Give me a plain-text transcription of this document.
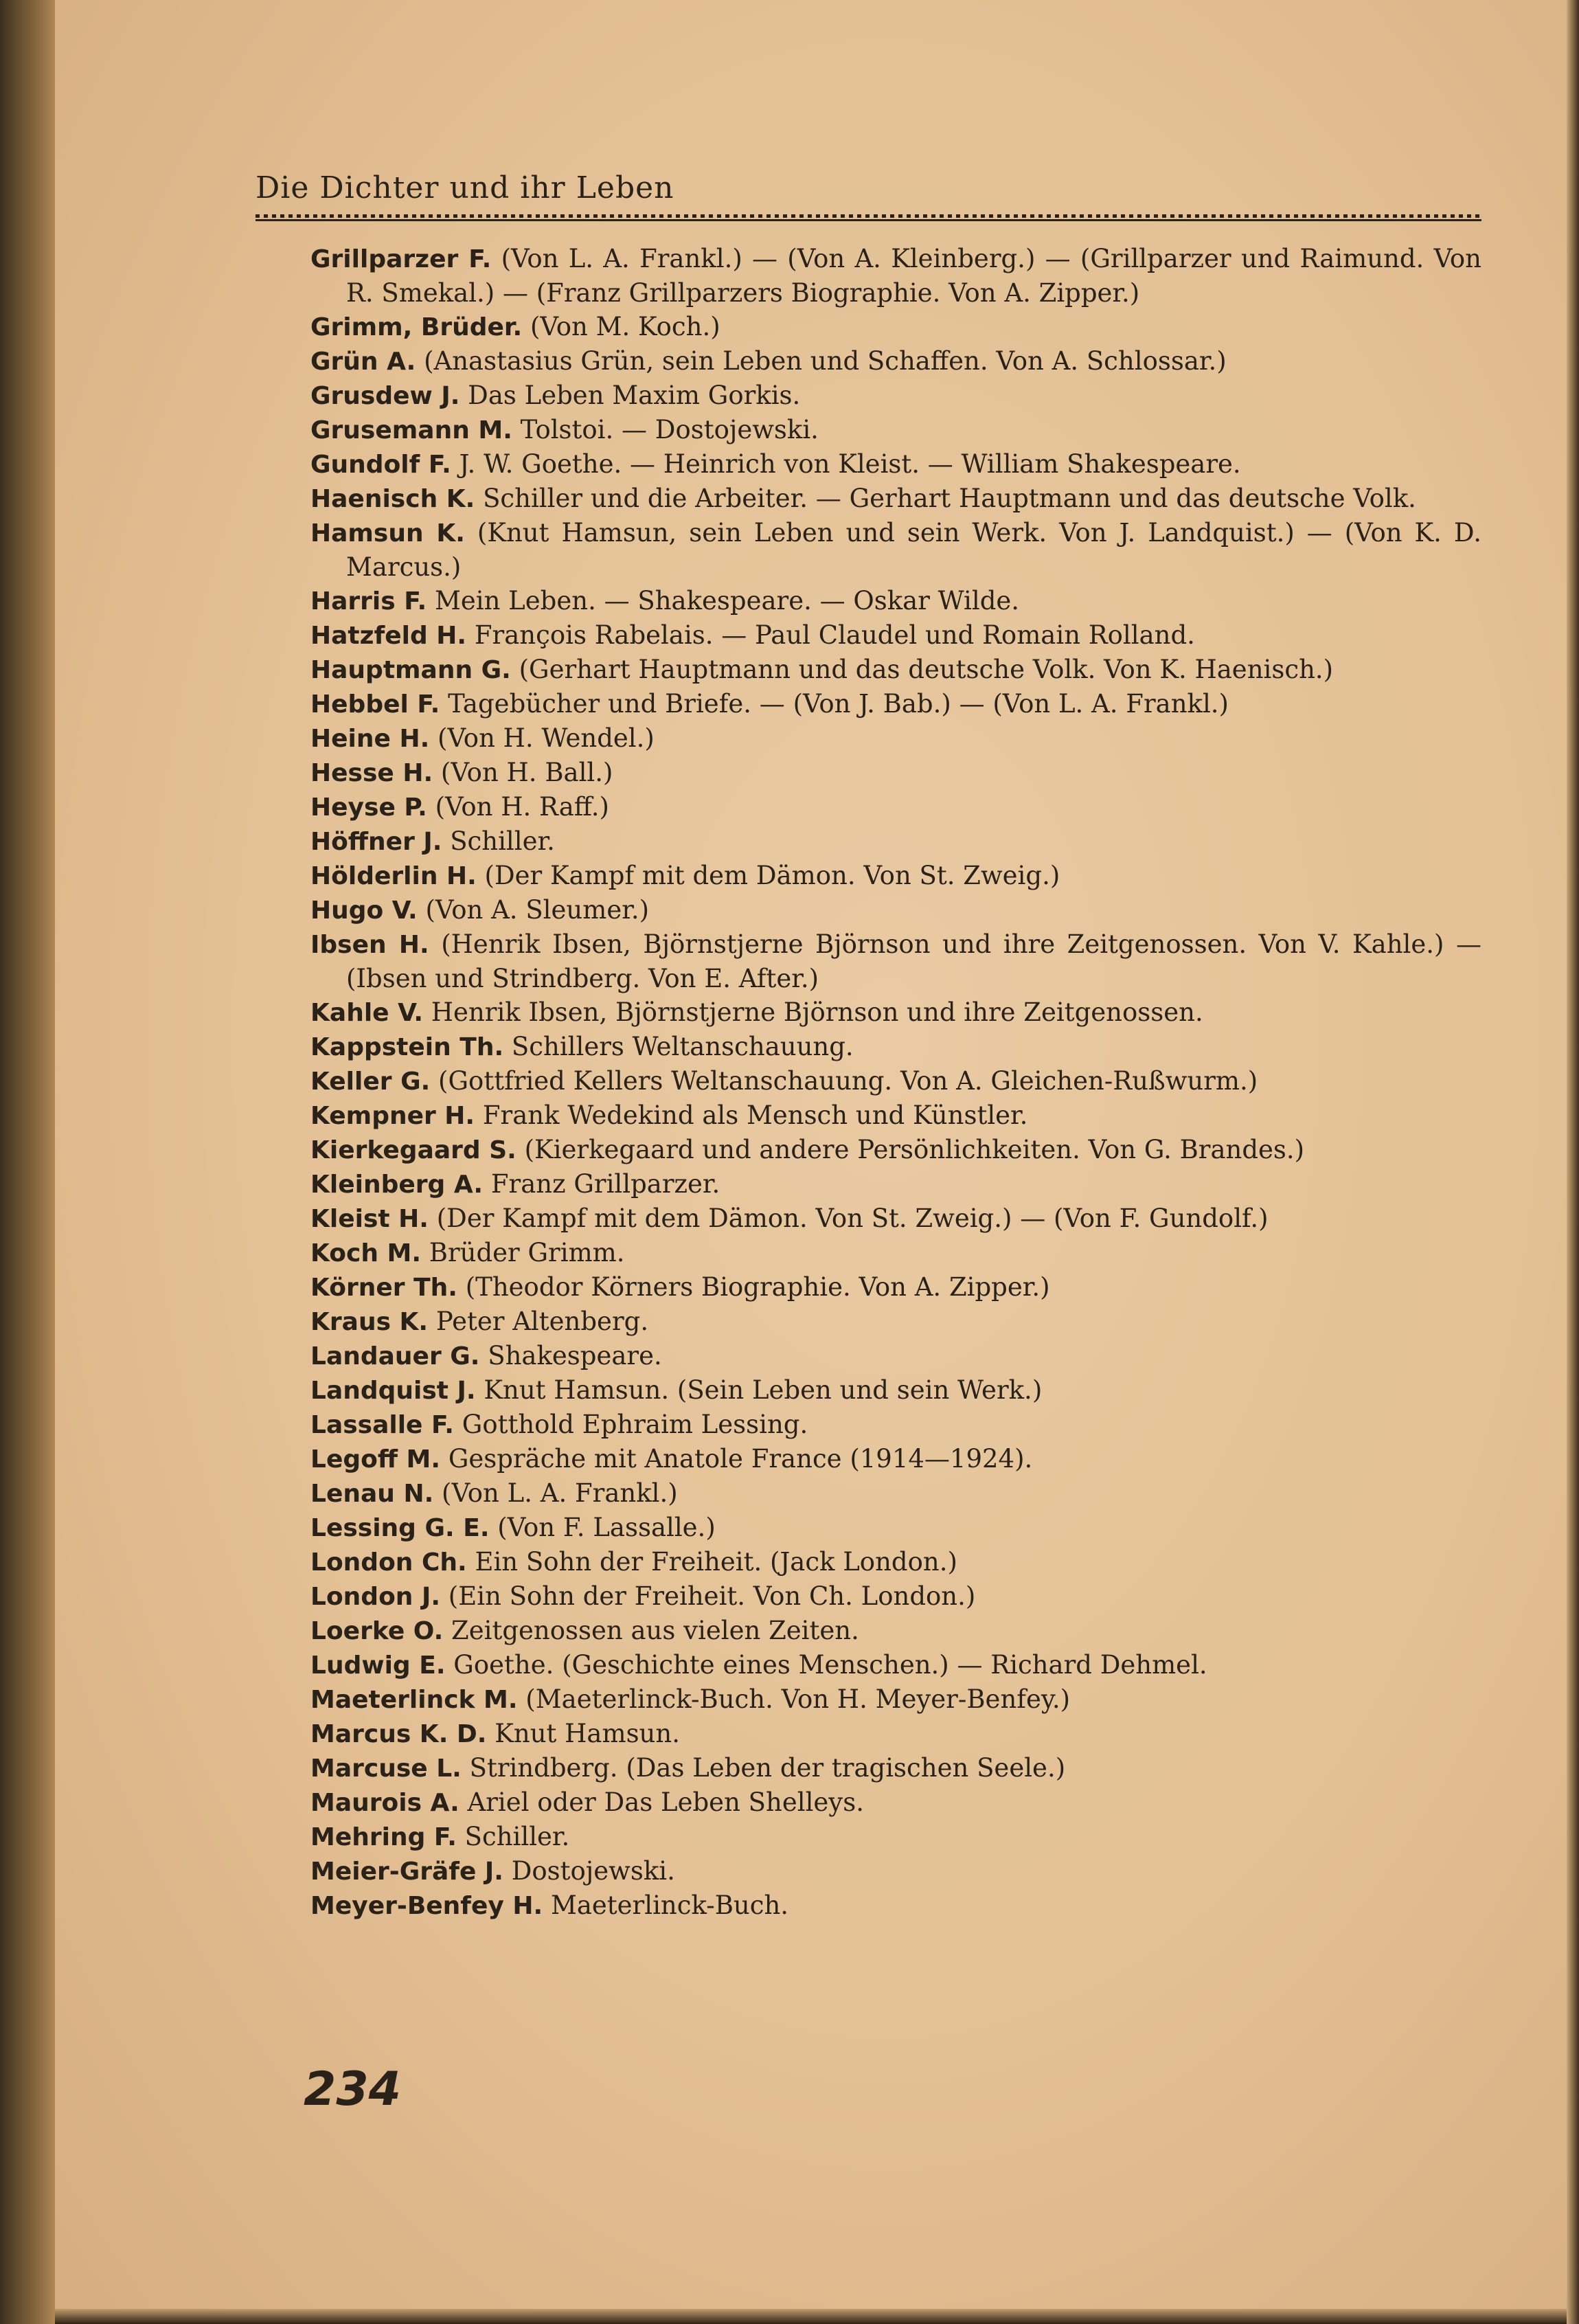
Die Dichter und ihr Leben
Grillparzer F. (Von L. A. Frankl.) — (Von A. Kleinberg.) — (Grillparzer und Raimund. Von R. Smekal.) — (Franz Grillparzers Biographie. Von A. Zipper.)
Grimm, Brüder. (Von M. Koch.)
Grün A. (Anastasius Grün, sein Leben und Schaffen. Von A. Schlossar.)
Grusdew J. Das Leben Maxim Gorkis.
Grusemann M. Tolstoi. — Dostojewski.
Gundolf F. J. W. Goethe. — Heinrich von Kleist. — William Shakespeare.
Haenisch K. Schiller und die Arbeiter. — Gerhart Hauptmann und das deutsche Volk.
Hamsun K. (Knut Hamsun, sein Leben und sein Werk. Von J. Landquist.) — (Von K. D. Marcus.)
Harris F. Mein Leben. — Shakespeare. — Oskar Wilde.
Hatzfeld H. François Rabelais. — Paul Claudel und Romain Rolland.
Hauptmann G. (Gerhart Hauptmann und das deutsche Volk. Von K. Haenisch.)
Hebbel F. Tagebücher und Briefe. — (Von J. Bab.) — (Von L. A. Frankl.)
Heine H. (Von H. Wendel.)
Hesse H. (Von H. Ball.)
Heyse P. (Von H. Raff.)
Höffner J. Schiller.
Hölderlin H. (Der Kampf mit dem Dämon. Von St. Zweig.)
Hugo V. (Von A. Sleumer.)
Ibsen H. (Henrik Ibsen, Björnstjerne Björnson und ihre Zeitgenossen. Von V. Kahle.) — (Ibsen und Strindberg. Von E. After.)
Kahle V. Henrik Ibsen, Björnstjerne Björnson und ihre Zeitgenossen.
Kappstein Th. Schillers Weltanschauung.
Keller G. (Gottfried Kellers Weltanschauung. Von A. Gleichen-Rußwurm.)
Kempner H. Frank Wedekind als Mensch und Künstler.
Kierkegaard S. (Kierkegaard und andere Persönlichkeiten. Von G. Brandes.)
Kleinberg A. Franz Grillparzer.
Kleist H. (Der Kampf mit dem Dämon. Von St. Zweig.) — (Von F. Gundolf.)
Koch M. Brüder Grimm.
Körner Th. (Theodor Körners Biographie. Von A. Zipper.)
Kraus K. Peter Altenberg.
Landauer G. Shakespeare.
Landquist J. Knut Hamsun. (Sein Leben und sein Werk.)
Lassalle F. Gotthold Ephraim Lessing.
Legoff M. Gespräche mit Anatole France (1914—1924).
Lenau N. (Von L. A. Frankl.)
Lessing G. E. (Von F. Lassalle.)
London Ch. Ein Sohn der Freiheit. (Jack London.)
London J. (Ein Sohn der Freiheit. Von Ch. London.)
Loerke O. Zeitgenossen aus vielen Zeiten.
Ludwig E. Goethe. (Geschichte eines Menschen.) — Richard Dehmel.
Maeterlinck M. (Maeterlinck-Buch. Von H. Meyer-Benfey.)
Marcus K. D. Knut Hamsun.
Marcuse L. Strindberg. (Das Leben der tragischen Seele.)
Maurois A. Ariel oder Das Leben Shelleys.
Mehring F. Schiller.
Meier-Gräfe J. Dostojewski.
Meyer-Benfey H. Maeterlinck-Buch.
234
